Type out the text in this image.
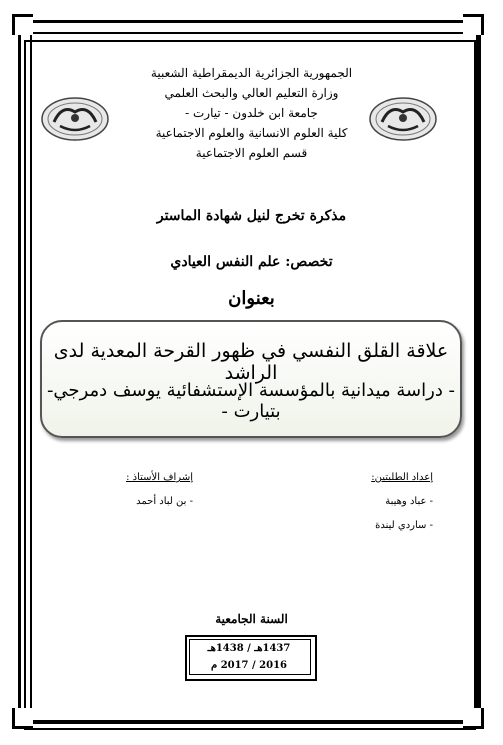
الجمهورية الجزائرية الديمقراطية الشعبية
وزارة التعليم العالي والبحث العلمي
جامعة ابن خلدون - تيارت -
كلية العلوم الانسانية والعلوم الاجتماعية
قسم العلوم الاجتماعية
مذكرة تخرج لنيل شهادة الماستر
تخصص: علم النفس العيادي
بعنوان
علاقة القلق النفسي في ظهور القرحة المعدية لدى الراشد
- دراسة ميدانية بالمؤسسة الإستشفائية يوسف دمرجي- بتيارت -
إعداد الطلبتين:
- عباد وهيبة
- ساردي ليندة
إشراف الأستاذ :
- بن لباد أحمد
السنة الجامعية
1437هـ / 1438هـ
2016 / 2017 م
